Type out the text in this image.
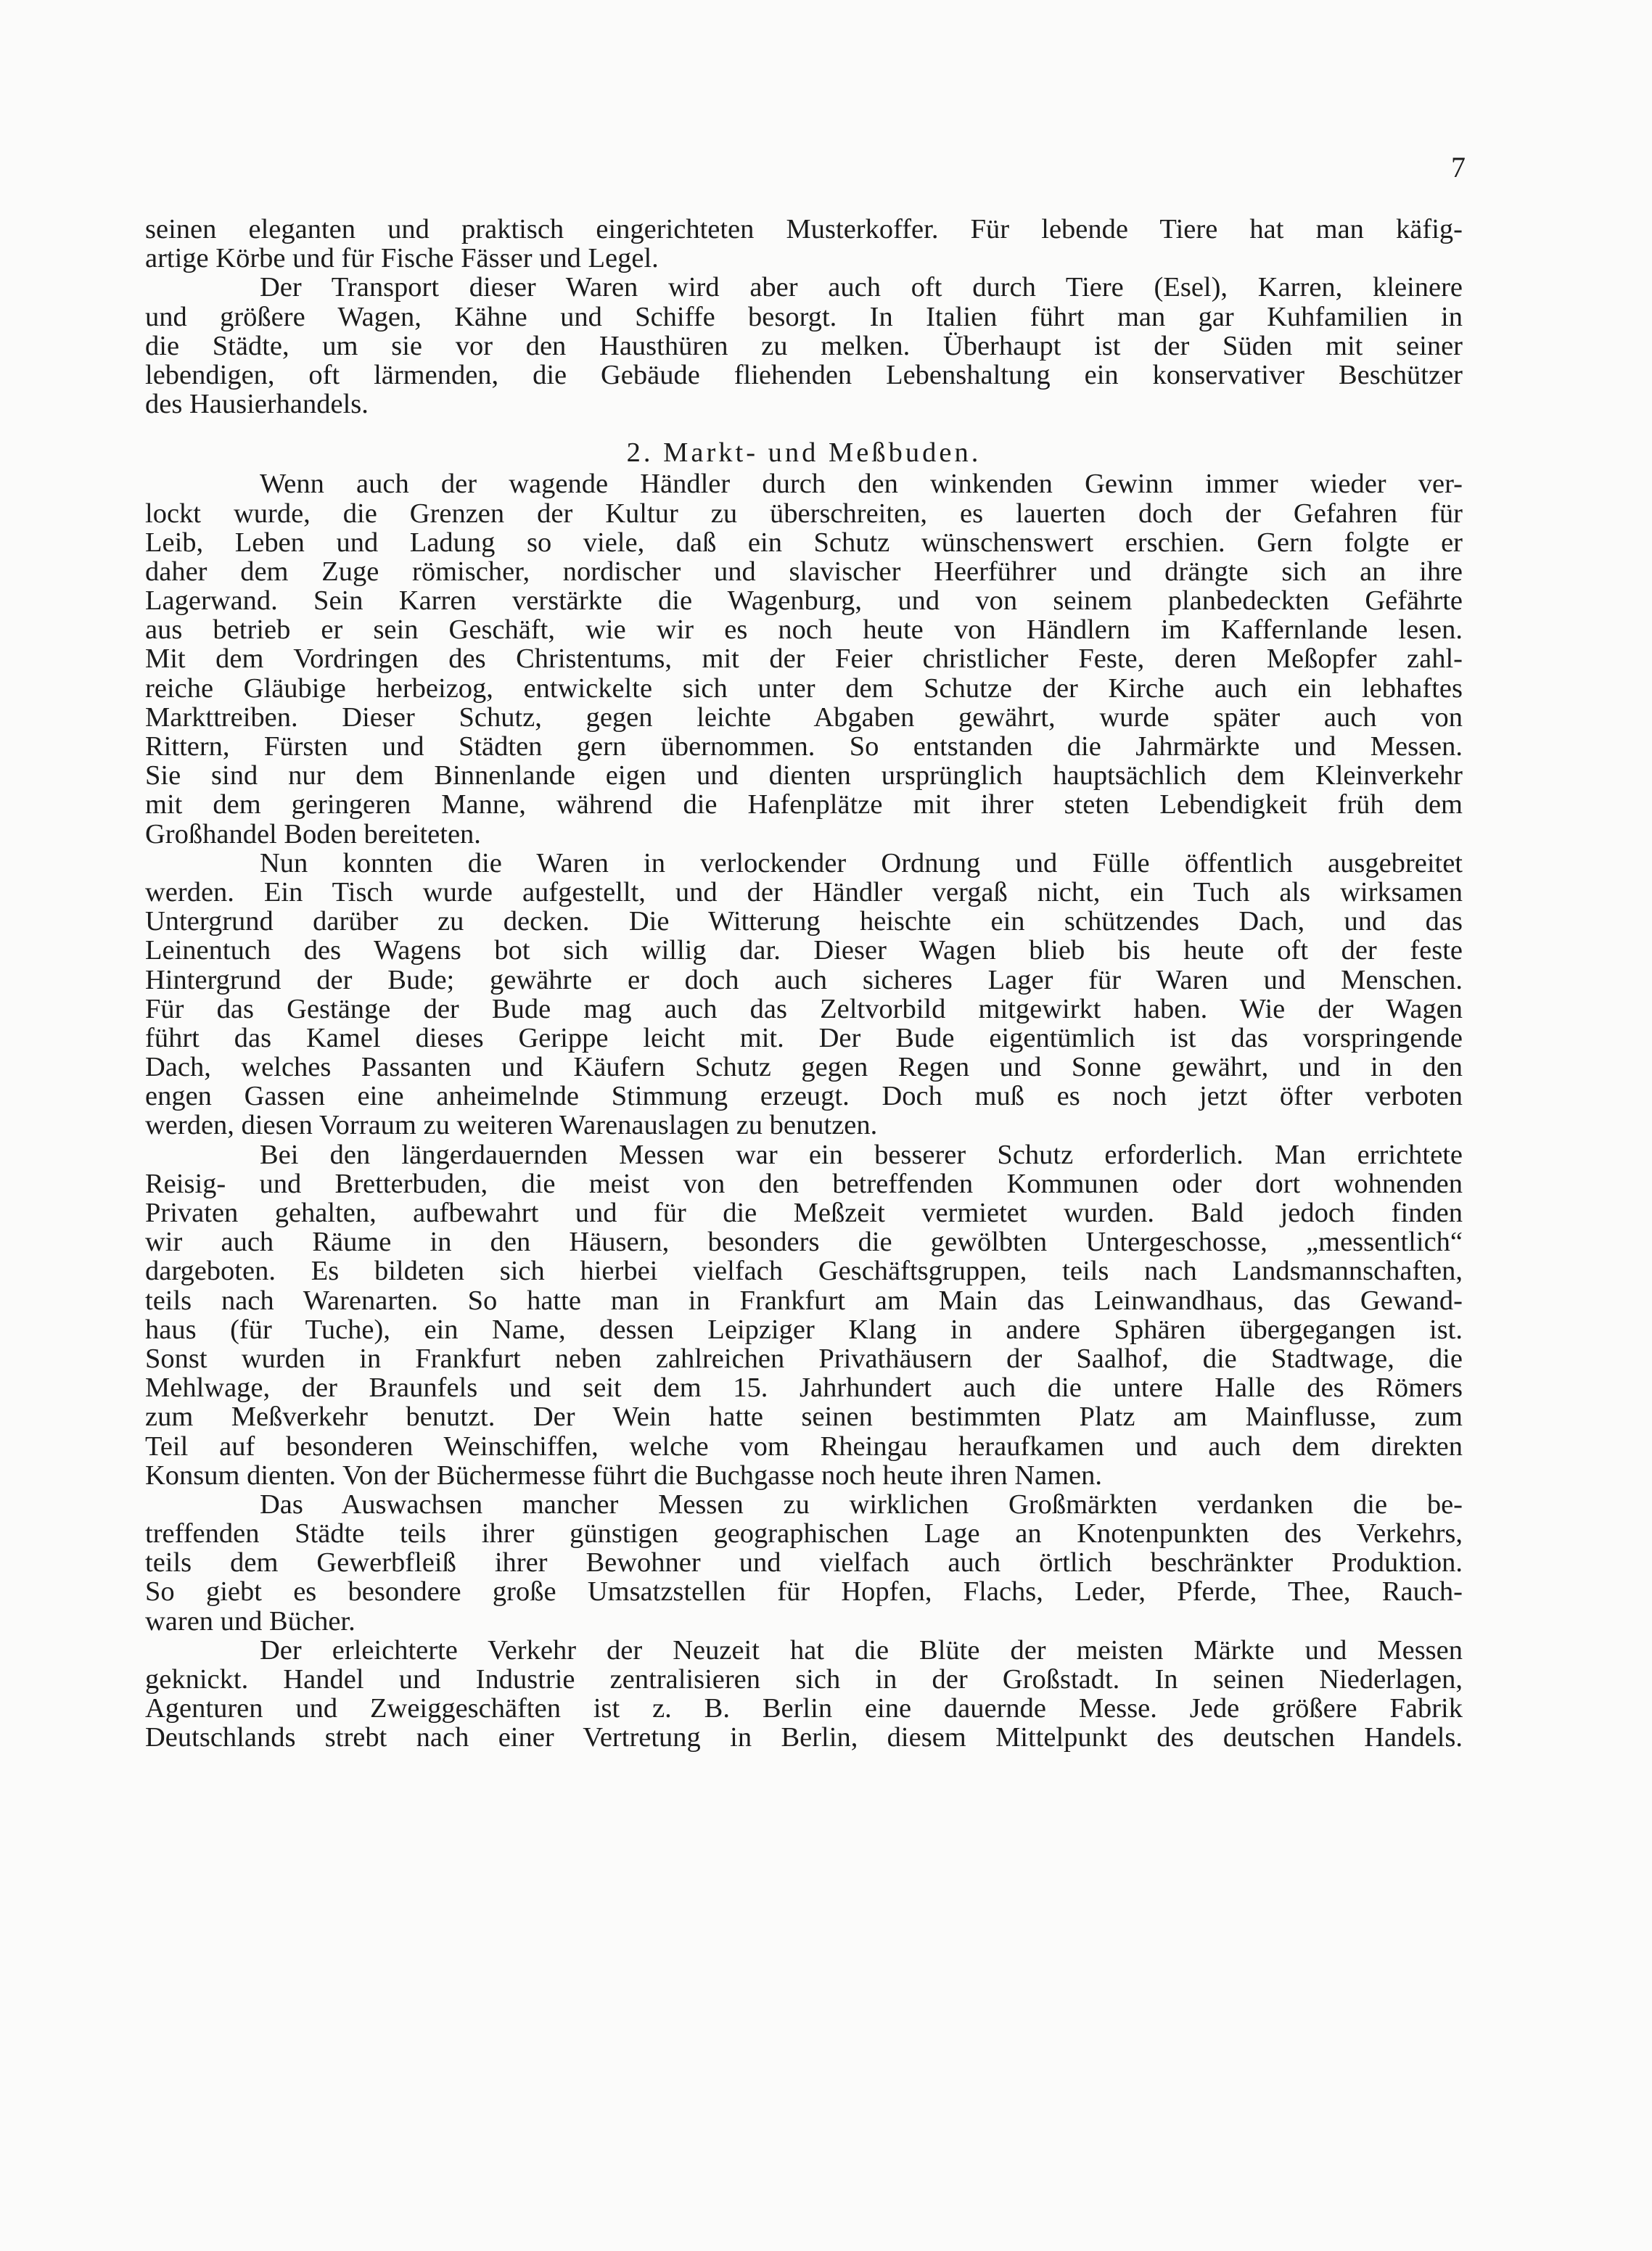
7

seinen eleganten und praktisch eingerichteten Musterkoffer. Für lebende Tiere hat man käfig-
artige Körbe und für Fische Fässer und Legel.
Der Transport dieser Waren wird aber auch oft durch Tiere (Esel), Karren, kleinere
und größere Wagen, Kähne und Schiffe besorgt. In Italien führt man gar Kuhfamilien in
die Städte, um sie vor den Hausthüren zu melken. Überhaupt ist der Süden mit seiner
lebendigen, oft lärmenden, die Gebäude fliehenden Lebenshaltung ein konservativer Beschützer
des Hausierhandels.

2. Markt- und Meßbuden.

Wenn auch der wagende Händler durch den winkenden Gewinn immer wieder ver-
lockt wurde, die Grenzen der Kultur zu überschreiten, es lauerten doch der Gefahren für
Leib, Leben und Ladung so viele, daß ein Schutz wünschenswert erschien. Gern folgte er
daher dem Zuge römischer, nordischer und slavischer Heerführer und drängte sich an ihre
Lagerwand. Sein Karren verstärkte die Wagenburg, und von seinem planbedeckten Gefährte
aus betrieb er sein Geschäft, wie wir es noch heute von Händlern im Kaffernlande lesen.
Mit dem Vordringen des Christentums, mit der Feier christlicher Feste, deren Meßopfer zahl-
reiche Gläubige herbeizog, entwickelte sich unter dem Schutze der Kirche auch ein lebhaftes
Markttreiben. Dieser Schutz, gegen leichte Abgaben gewährt, wurde später auch von
Rittern, Fürsten und Städten gern übernommen. So entstanden die Jahrmärkte und Messen.
Sie sind nur dem Binnenlande eigen und dienten ursprünglich hauptsächlich dem Kleinverkehr
mit dem geringeren Manne, während die Hafenplätze mit ihrer steten Lebendigkeit früh dem
Großhandel Boden bereiteten.

Nun konnten die Waren in verlockender Ordnung und Fülle öffentlich ausgebreitet
werden. Ein Tisch wurde aufgestellt, und der Händler vergaß nicht, ein Tuch als wirksamen
Untergrund darüber zu decken. Die Witterung heischte ein schützendes Dach, und das
Leinentuch des Wagens bot sich willig dar. Dieser Wagen blieb bis heute oft der feste
Hintergrund der Bude; gewährte er doch auch sicheres Lager für Waren und Menschen.
Für das Gestänge der Bude mag auch das Zeltvorbild mitgewirkt haben. Wie der Wagen
führt das Kamel dieses Gerippe leicht mit. Der Bude eigentümlich ist das vorspringende
Dach, welches Passanten und Käufern Schutz gegen Regen und Sonne gewährt, und in den
engen Gassen eine anheimelnde Stimmung erzeugt. Doch muß es noch jetzt öfter verboten
werden, diesen Vorraum zu weiteren Warenauslagen zu benutzen.

Bei den längerdauernden Messen war ein besserer Schutz erforderlich. Man errichtete
Reisig- und Bretterbuden, die meist von den betreffenden Kommunen oder dort wohnenden
Privaten gehalten, aufbewahrt und für die Meßzeit vermietet wurden. Bald jedoch finden
wir auch Räume in den Häusern, besonders die gewölbten Untergeschosse, „messentlich“
dargeboten. Es bildeten sich hierbei vielfach Geschäftsgruppen, teils nach Landsmannschaften,
teils nach Warenarten. So hatte man in Frankfurt am Main das Leinwandhaus, das Gewand-
haus (für Tuche), ein Name, dessen Leipziger Klang in andere Sphären übergegangen ist.
Sonst wurden in Frankfurt neben zahlreichen Privathäusern der Saalhof, die Stadtwage, die
Mehlwage, der Braunfels und seit dem 15. Jahrhundert auch die untere Halle des Römers
zum Meßverkehr benutzt. Der Wein hatte seinen bestimmten Platz am Mainflusse, zum
Teil auf besonderen Weinschiffen, welche vom Rheingau heraufkamen und auch dem direkten
Konsum dienten. Von der Büchermesse führt die Buchgasse noch heute ihren Namen.

Das Auswachsen mancher Messen zu wirklichen Großmärkten verdanken die be-
treffenden Städte teils ihrer günstigen geographischen Lage an Knotenpunkten des Verkehrs,
teils dem Gewerbfleiß ihrer Bewohner und vielfach auch örtlich beschränkter Produktion.
So giebt es besondere große Umsatzstellen für Hopfen, Flachs, Leder, Pferde, Thee, Rauch-
waren und Bücher.

Der erleichterte Verkehr der Neuzeit hat die Blüte der meisten Märkte und Messen
geknickt. Handel und Industrie zentralisieren sich in der Großstadt. In seinen Niederlagen,
Agenturen und Zweiggeschäften ist z. B. Berlin eine dauernde Messe. Jede größere Fabrik
Deutschlands strebt nach einer Vertretung in Berlin, diesem Mittelpunkt des deutschen Handels.
